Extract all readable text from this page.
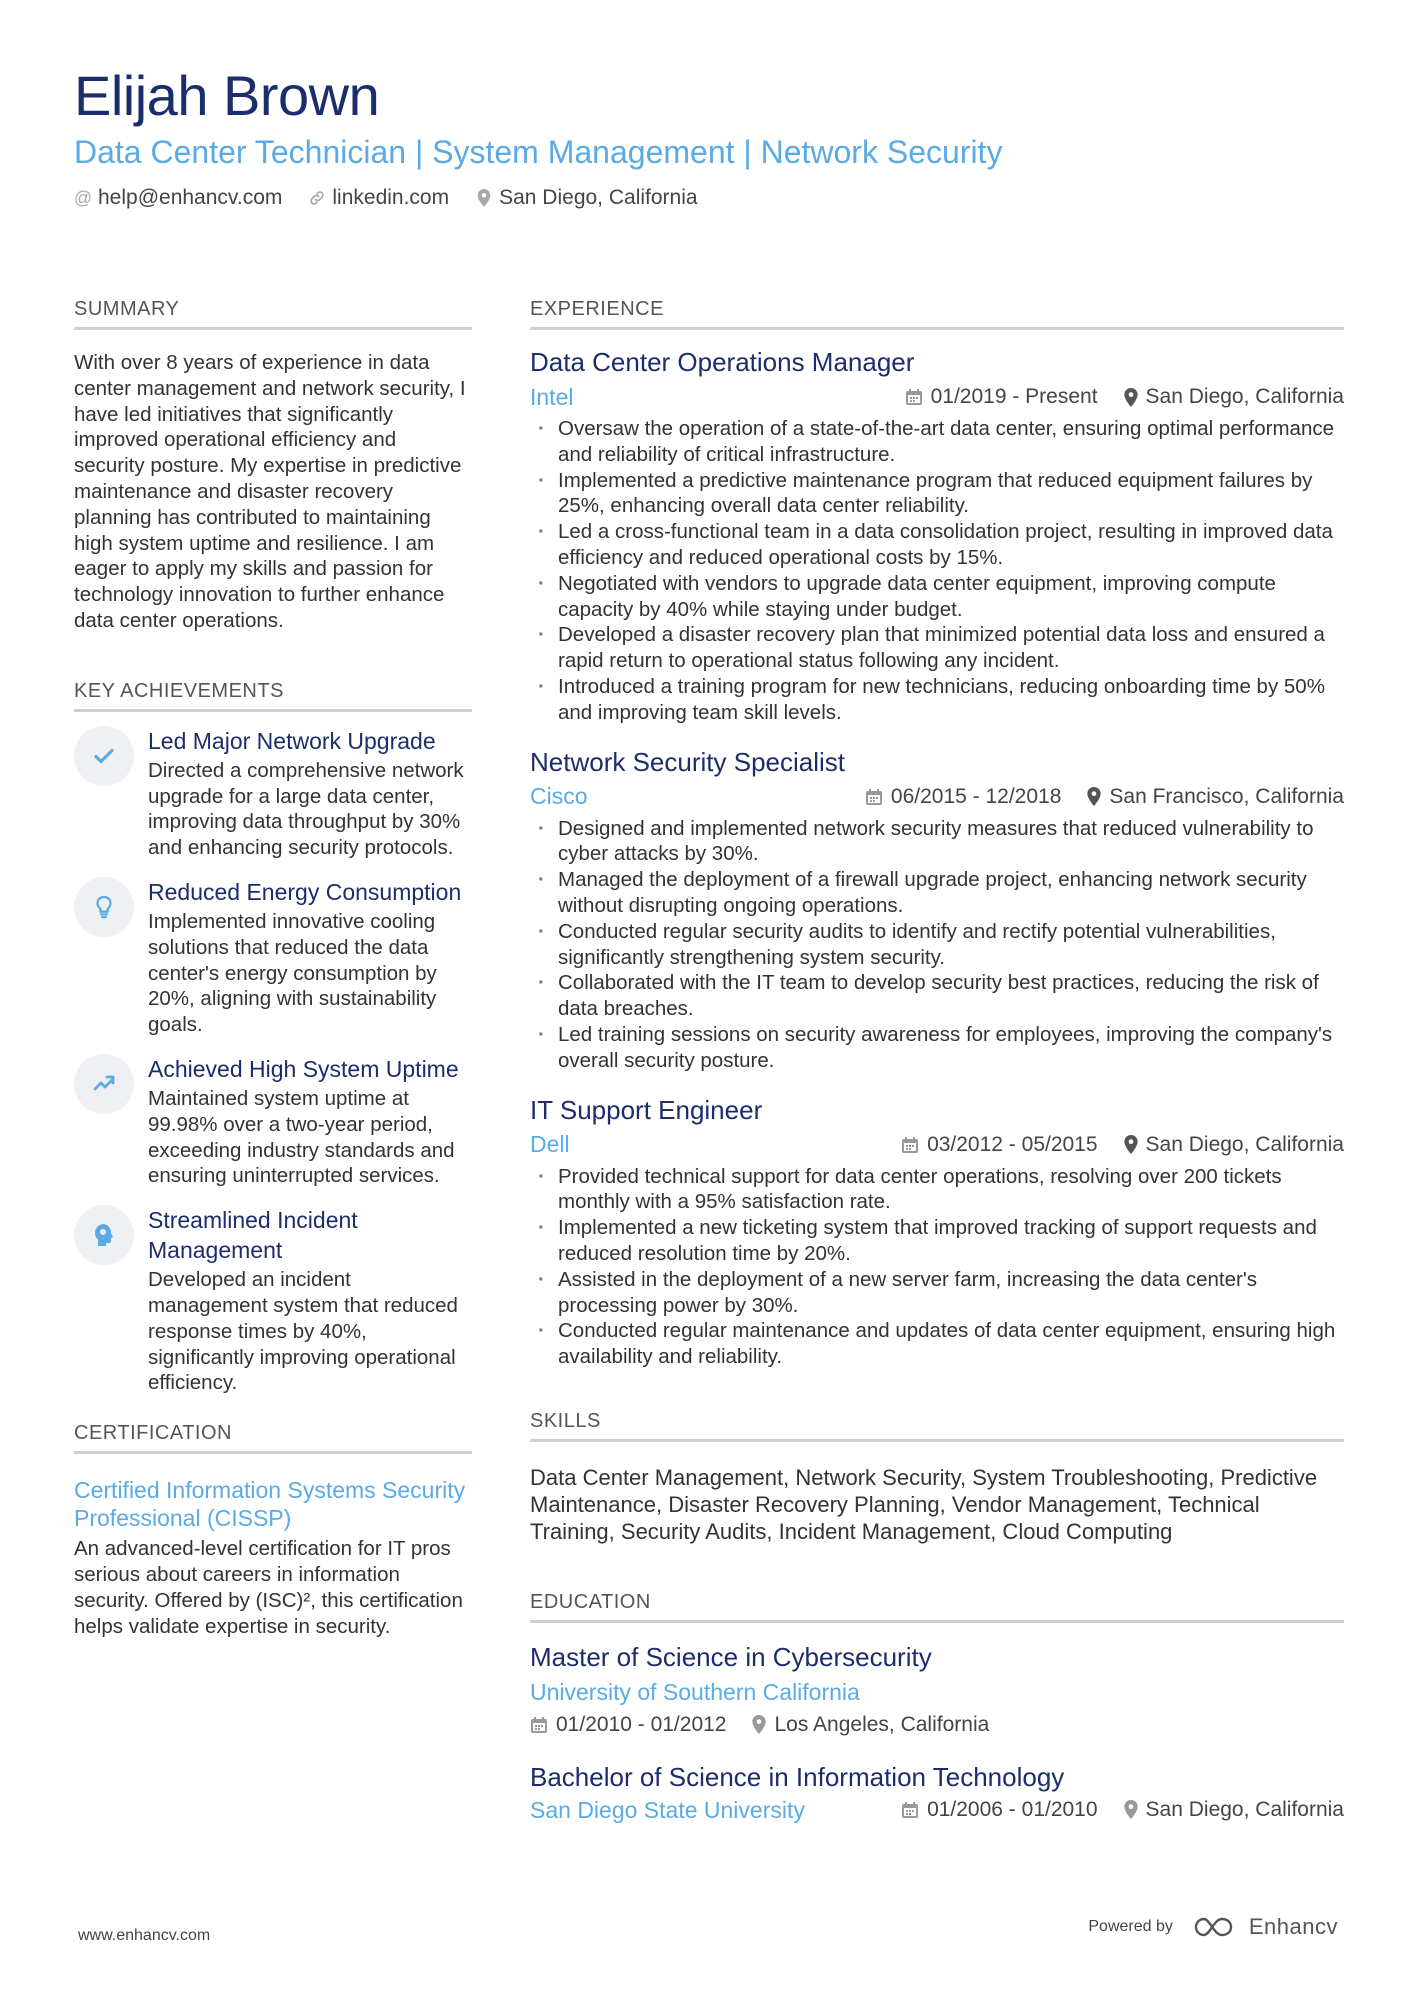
Elijah Brown
Data Center Technician | System Management | Network Security
@ help@enhancv.com linkedin.com San Diego, California
SUMMARY
With over 8 years of experience in data center management and network security, I have led initiatives that significantly improved operational efficiency and security posture. My expertise in predictive maintenance and disaster recovery planning has contributed to maintaining high system uptime and resilience. I am eager to apply my skills and passion for technology innovation to further enhance data center operations.
KEY ACHIEVEMENTS
Led Major Network Upgrade
Directed a comprehensive network upgrade for a large data center, improving data throughput by 30% and enhancing security protocols.
Reduced Energy Consumption
Implemented innovative cooling solutions that reduced the data center's energy consumption by 20%, aligning with sustainability goals.
Achieved High System Uptime
Maintained system uptime at 99.98% over a two-year period, exceeding industry standards and ensuring uninterrupted services.
Streamlined Incident Management
Developed an incident management system that reduced response times by 40%, significantly improving operational efficiency.
CERTIFICATION
Certified Information Systems Security Professional (CISSP)
An advanced-level certification for IT pros serious about careers in information security. Offered by (ISC)², this certification helps validate expertise in security.
EXPERIENCE
Data Center Operations Manager
Intel	01/2019 - Present San Diego, California
· Oversaw the operation of a state-of-the-art data center, ensuring optimal performance and reliability of critical infrastructure.
· Implemented a predictive maintenance program that reduced equipment failures by 25%, enhancing overall data center reliability.
· Led a cross-functional team in a data consolidation project, resulting in improved data efficiency and reduced operational costs by 15%.
· Negotiated with vendors to upgrade data center equipment, improving compute capacity by 40% while staying under budget.
· Developed a disaster recovery plan that minimized potential data loss and ensured a rapid return to operational status following any incident.
· Introduced a training program for new technicians, reducing onboarding time by 50% and improving team skill levels.
Network Security Specialist
Cisco	06/2015 - 12/2018 San Francisco, California
· Designed and implemented network security measures that reduced vulnerability to cyber attacks by 30%.
· Managed the deployment of a firewall upgrade project, enhancing network security without disrupting ongoing operations.
· Conducted regular security audits to identify and rectify potential vulnerabilities, significantly strengthening system security.
· Collaborated with the IT team to develop security best practices, reducing the risk of data breaches.
· Led training sessions on security awareness for employees, improving the company's overall security posture.
IT Support Engineer
Dell	03/2012 - 05/2015 San Diego, California
· Provided technical support for data center operations, resolving over 200 tickets monthly with a 95% satisfaction rate.
· Implemented a new ticketing system that improved tracking of support requests and reduced resolution time by 20%.
· Assisted in the deployment of a new server farm, increasing the data center's processing power by 30%.
· Conducted regular maintenance and updates of data center equipment, ensuring high availability and reliability.
SKILLS
Data Center Management, Network Security, System Troubleshooting, Predictive Maintenance, Disaster Recovery Planning, Vendor Management, Technical Training, Security Audits, Incident Management, Cloud Computing
EDUCATION
Master of Science in Cybersecurity
University of Southern California
01/2010 - 01/2012 Los Angeles, California
Bachelor of Science in Information Technology
San Diego State University	01/2006 - 01/2010 San Diego, California
www.enhancv.com
Powered by	Enhancv
